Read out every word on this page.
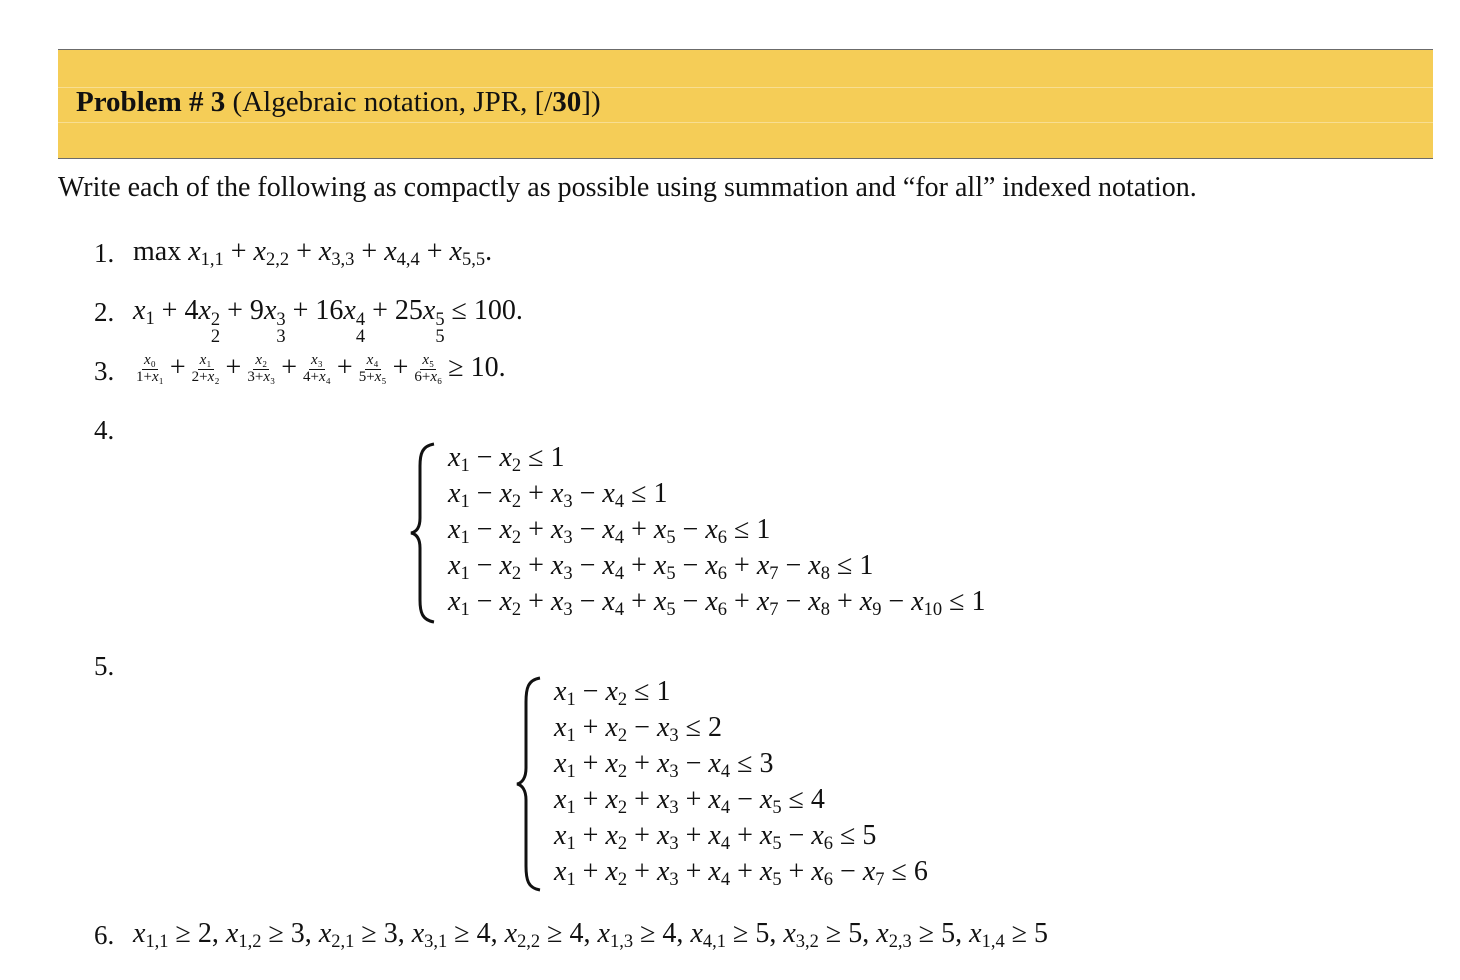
Problem # 3 (Algebraic notation, JPR, [/30])
Write each of the following as compactly as possible using summation and “for all” indexed notation.
1. $\max x_{1,1} + x_{2,2} + x_{3,3} + x_{4,4} + x_{5,5}$.
2. $x_1 + 4x$ 2
2
+ 9x 3
3
+ 16x 4
4
+ 25x 5
5
≤ 100.
3. $\frac{\text{x₀}}{\text{1+x₁}} + \frac{\text{x₁}}{\text{2+x₂}} + \frac{\text{x₂}}{\text{3+x₃}} + \frac{\text{x₃}}{\text{4+x₄}} + \frac{\text{x₄}}{\text{5+x₅}} + \frac{\text{x₅}}{\text{6+x₆}} \ge 10$.
4.
$x_1 - x_2 \le 1$
$x_1 - x_2 + x_3 - x_4 \le 1$
$x_1 - x_2 + x_3 - x_4 + x_5 - x_6 \le 1$
$x_1 - x_2 + x_3 - x_4 + x_5 - x_6 + x_7 - x_8 \le 1$
$x_1 - x_2 + x_3 - x_4 + x_5 - x_6 + x_7 - x_8 + x_9 - x_{10} \le 1$
5.
$x_1 - x_2 \le 1$
$x_1 + x_2 - x_3 \le 2$
$x_1 + x_2 + x_3 - x_4 \le 3$
$x_1 + x_2 + x_3 + x_4 - x_5 \le 4$
$x_1 + x_2 + x_3 + x_4 + x_5 - x_6 \le 5$
$x_1 + x_2 + x_3 + x_4 + x_5 + x_6 - x_7 \le 6$
6. $x_{1,1} \ge 2$, $x_{1,2} \ge 3$, $x_{2,1} \ge 3$, $x_{3,1} \ge 4$, $x_{2,2} \ge 4$, $x_{1,3} \ge 4$, $x_{4,1} \ge 5$, $x_{3,2} \ge 5$, $x_{2,3} \ge 5$, $x_{1,4} \ge 5$
